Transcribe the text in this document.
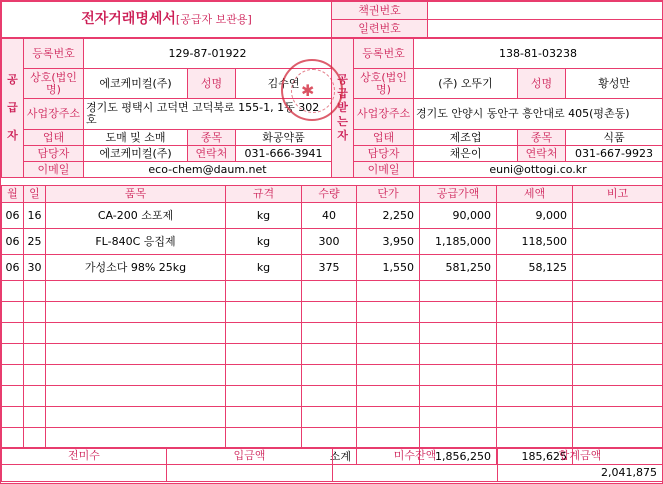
전자거래명세서[공급자 보관용]	책권번호	
	일련번호	
공

급

자	등록번호	129-87-01922			공
급
받
는
자	등록번호	138-81-03238		
	상호(법인명)	에코케미컬(주)	성명	김수연		상호(법인명)	(주) 오뚜기	성명	황성만
	사업장주소	경기도 평택시 고덕면 고덕북로 155-1, 1동 302호				사업장주소	경기도 안양시 동안구 흥안대로 405(평촌동)		
	업태	도매 및 소매	종목	화공약품		업태	제조업	종목	식품
	담당자	에코케미컬(주)	연락처	031-666-3941		담당자	채은이	연락처	031-667-9923
	이메일	eco-chem@daum.net				이메일	euni@ottogi.co.kr		
✱
월	일	품목	규격	수량	단가	공급가액	세액	비고
06	16	CA-200 소포제	kg	40	2,250	90,000	9,000	
06	25	FL-840C 응집제	kg	300	3,950	1,185,000	118,500	
06	30	가성소다 98% 25kg	kg	375	1,550	581,250	58,125	

소계						1,856,250	185,625	
전미수	입금액	미수잔액	합계금액
			2,041,875
